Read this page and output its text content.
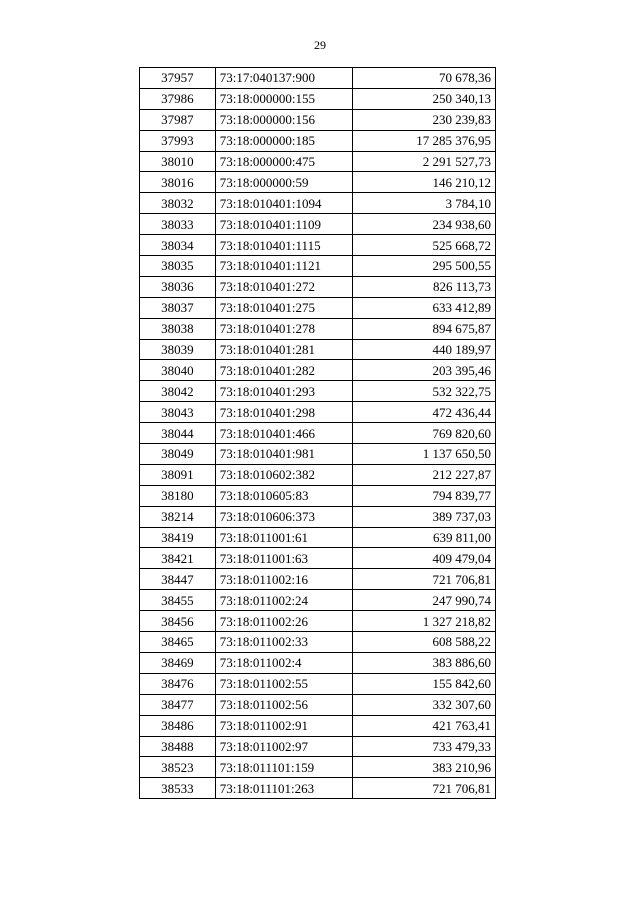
29
37957	73:17:040137:900	70 678,36
37986	73:18:000000:155	250 340,13
37987	73:18:000000:156	230 239,83
37993	73:18:000000:185	17 285 376,95
38010	73:18:000000:475	2 291 527,73
38016	73:18:000000:59	146 210,12
38032	73:18:010401:1094	3 784,10
38033	73:18:010401:1109	234 938,60
38034	73:18:010401:1115	525 668,72
38035	73:18:010401:1121	295 500,55
38036	73:18:010401:272	826 113,73
38037	73:18:010401:275	633 412,89
38038	73:18:010401:278	894 675,87
38039	73:18:010401:281	440 189,97
38040	73:18:010401:282	203 395,46
38042	73:18:010401:293	532 322,75
38043	73:18:010401:298	472 436,44
38044	73:18:010401:466	769 820,60
38049	73:18:010401:981	1 137 650,50
38091	73:18:010602:382	212 227,87
38180	73:18:010605:83	794 839,77
38214	73:18:010606:373	389 737,03
38419	73:18:011001:61	639 811,00
38421	73:18:011001:63	409 479,04
38447	73:18:011002:16	721 706,81
38455	73:18:011002:24	247 990,74
38456	73:18:011002:26	1 327 218,82
38465	73:18:011002:33	608 588,22
38469	73:18:011002:4	383 886,60
38476	73:18:011002:55	155 842,60
38477	73:18:011002:56	332 307,60
38486	73:18:011002:91	421 763,41
38488	73:18:011002:97	733 479,33
38523	73:18:011101:159	383 210,96
38533	73:18:011101:263	721 706,81
